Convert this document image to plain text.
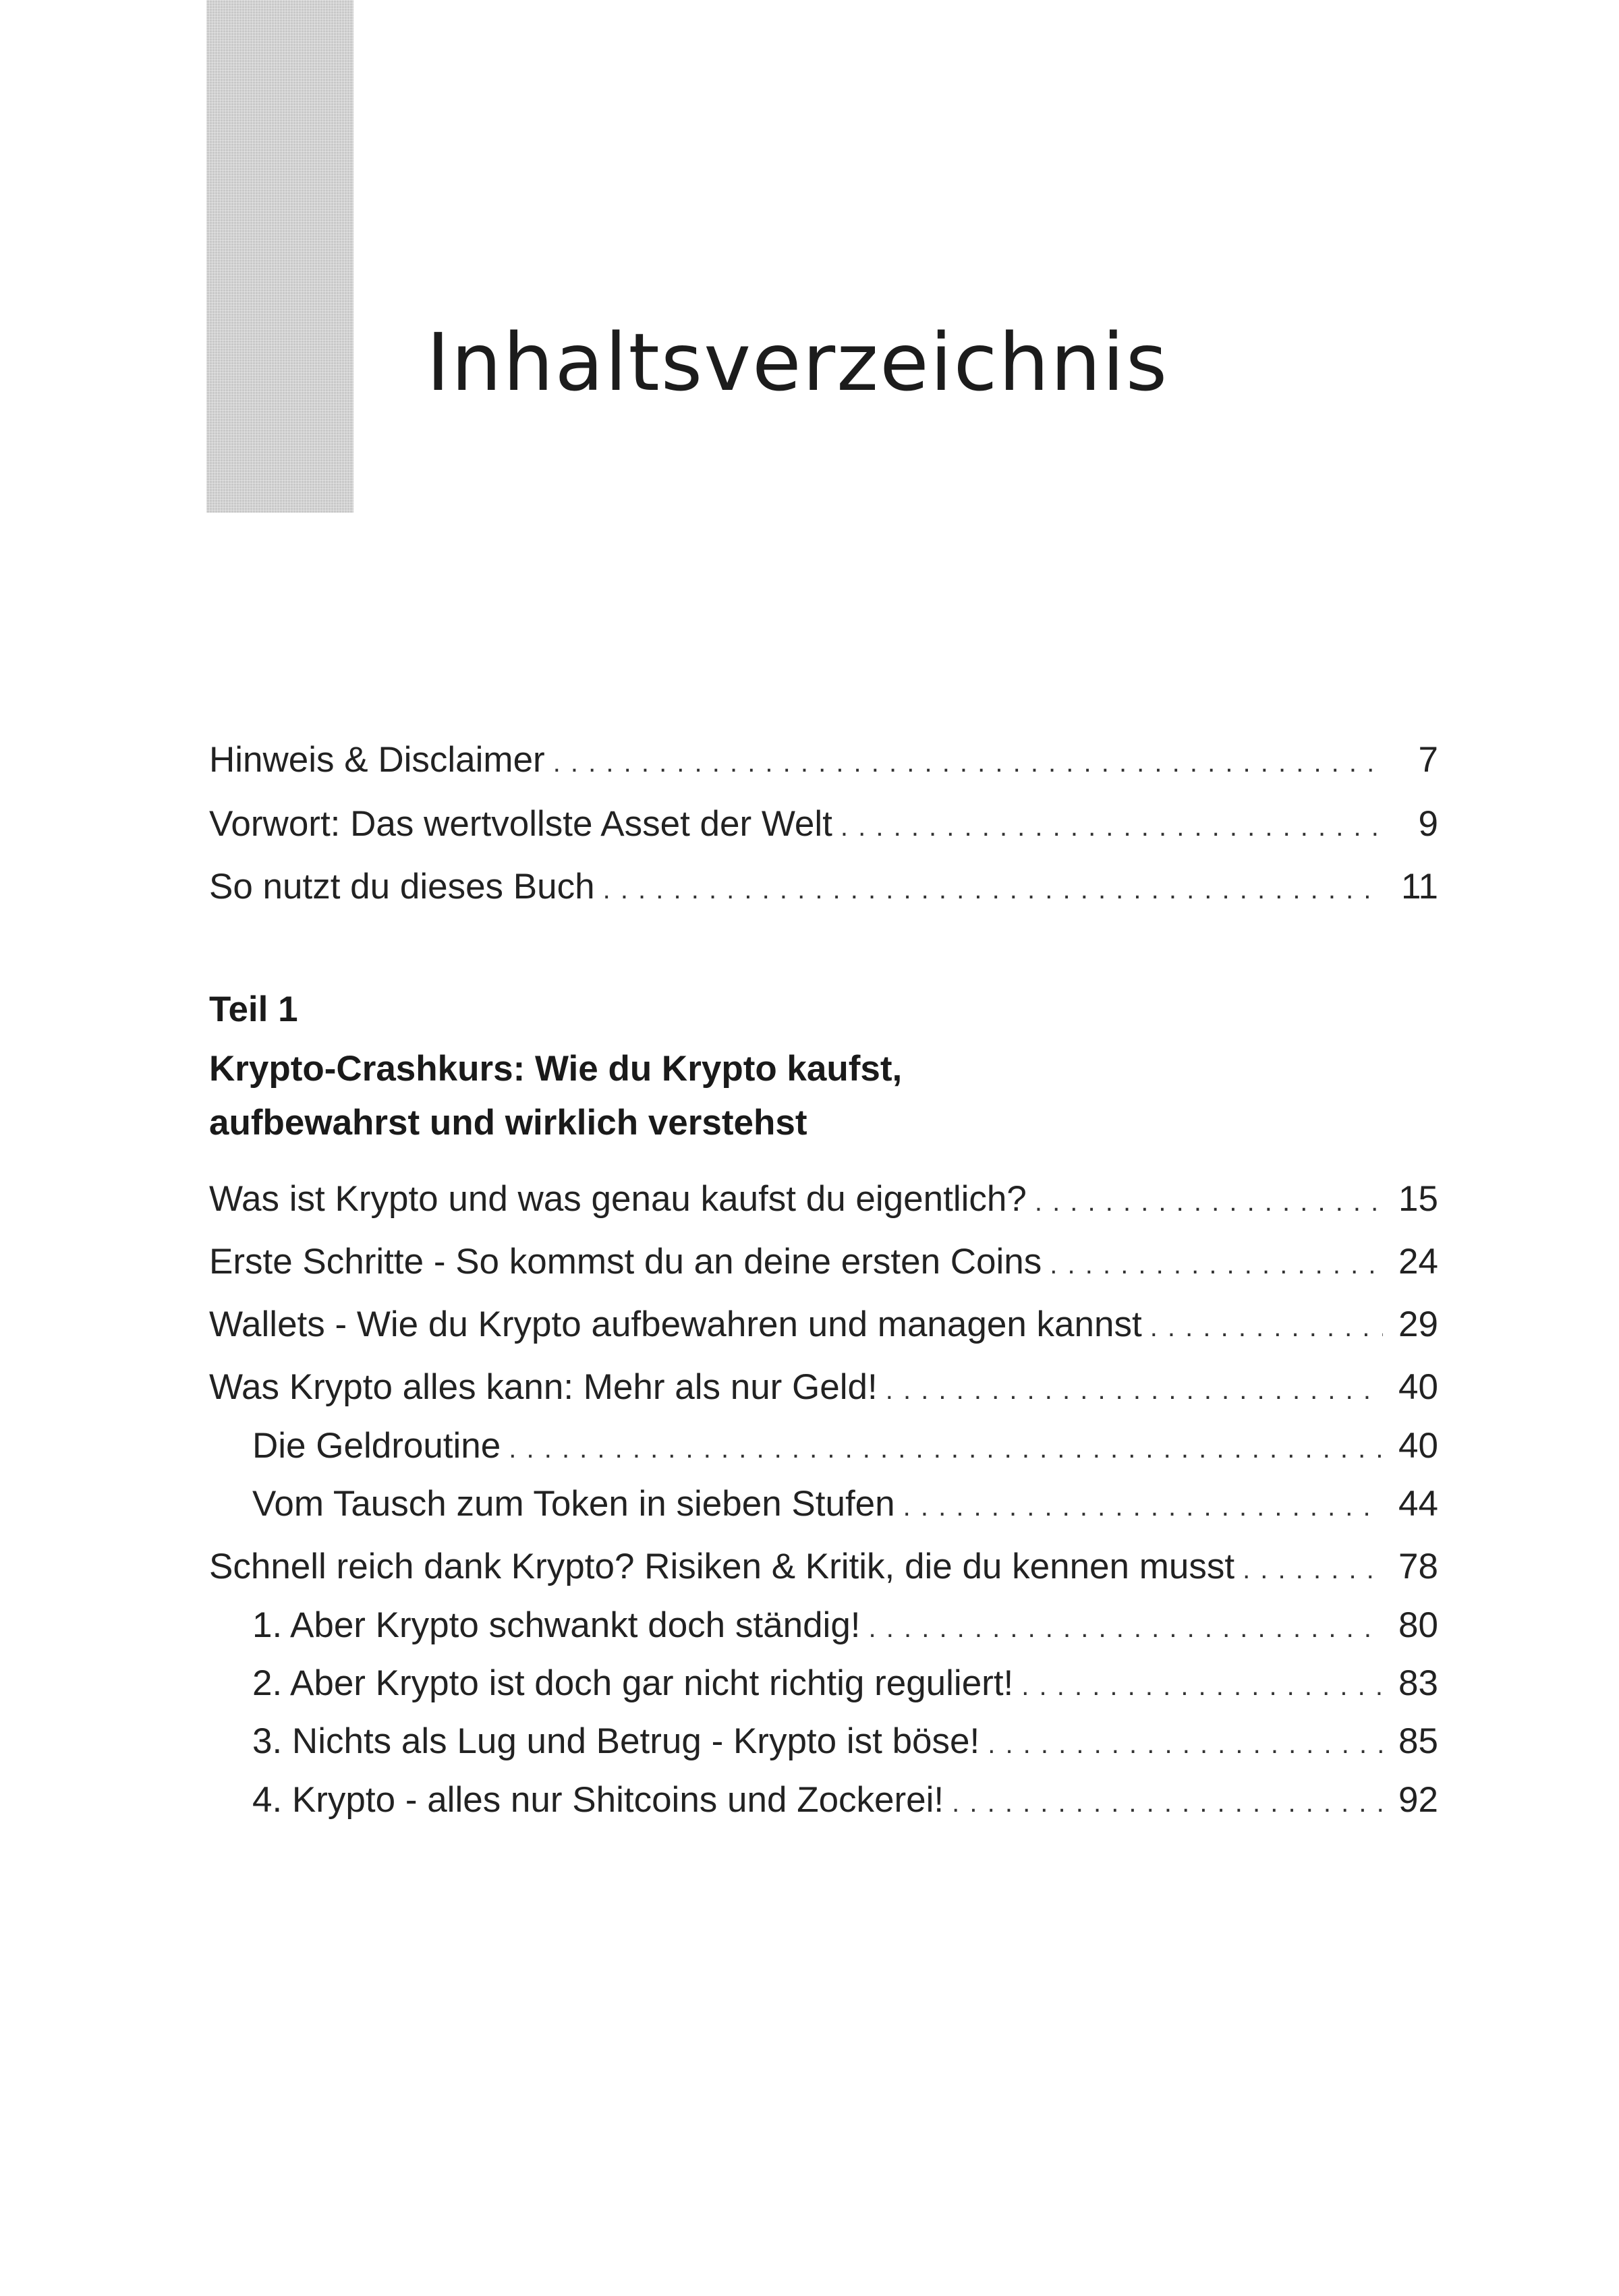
Inhaltsverzeichnis
Hinweis & Disclaimer . . .	7
Vorwort: Das wertvollste Asset der Welt . . .	9
So nutzt du dieses Buch . . .	11
Teil 1
Krypto-Crashkurs: Wie du Krypto kaufst,
aufbewahrst und wirklich verstehst
Was ist Krypto und was genau kaufst du eigentlich? . . .	15
Erste Schritte - So kommst du an deine ersten Coins . . .	24
Wallets - Wie du Krypto aufbewahren und managen kannst . . .	29
Was Krypto alles kann: Mehr als nur Geld! . . .	40
Die Geldroutine . . .	40
Vom Tausch zum Token in sieben Stufen . . .	44
Schnell reich dank Krypto? Risiken & Kritik, die du kennen musst . . .	78
1. Aber Krypto schwankt doch ständig! . . .	80
2. Aber Krypto ist doch gar nicht richtig reguliert! . . .	83
3. Nichts als Lug und Betrug - Krypto ist böse! . . .	85
4. Krypto - alles nur Shitcoins und Zockerei! . . .	92
